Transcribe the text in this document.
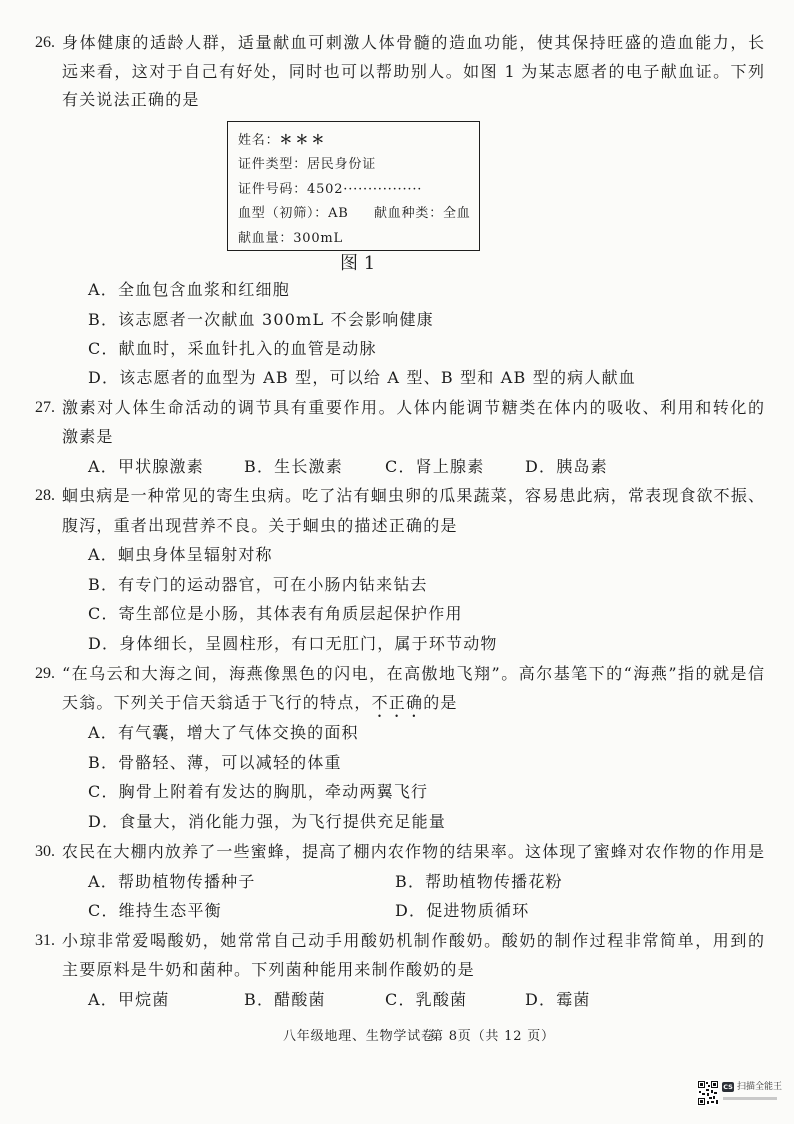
26. 身体健康的适龄人群，适量献血可刺激人体骨髓的造血功能，使其保持旺盛的造血能力，长
远来看，这对于自己有好处，同时也可以帮助别人。如图 1 为某志愿者的电子献血证。下列
有关说法正确的是
姓名：＊＊＊
证件类型：居民身份证
证件号码：4502················
血型（初筛）：AB 献血种类：全血
献血量：300mL
图 1
A．全血包含血浆和红细胞
B．该志愿者一次献血 300mL 不会影响健康
C．献血时，采血针扎入的血管是动脉
D．该志愿者的血型为 AB 型，可以给 A 型、B 型和 AB 型的病人献血
27. 激素对人体生命活动的调节具有重要作用。人体内能调节糖类在体内的吸收、利用和转化的
激素是
A．甲状腺激素	B．生长激素	C．肾上腺素	D．胰岛素
28. 蛔虫病是一种常见的寄生虫病。吃了沾有蛔虫卵的瓜果蔬菜，容易患此病，常表现食欲不振、
腹泻，重者出现营养不良。关于蛔虫的描述正确的是
A．蛔虫身体呈辐射对称
B．有专门的运动器官，可在小肠内钻来钻去
C．寄生部位是小肠，其体表有角质层起保护作用
D．身体细长，呈圆柱形，有口无肛门，属于环节动物
29. “在乌云和大海之间，海燕像黑色的闪电，在高傲地飞翔”。高尔基笔下的“海燕”指的就是信
天翁。下列关于信天翁适于飞行的特点，不正确的是
A．有气囊，增大了气体交换的面积
B．骨骼轻、薄，可以减轻的体重
C．胸骨上附着有发达的胸肌，牵动两翼飞行
D．食量大，消化能力强，为飞行提供充足能量
30. 农民在大棚内放养了一些蜜蜂，提高了棚内农作物的结果率。这体现了蜜蜂对农作物的作用是
A．帮助植物传播种子	B．帮助植物传播花粉
C．维持生态平衡	D．促进物质循环
31. 小琼非常爱喝酸奶，她常常自己动手用酸奶机制作酸奶。酸奶的制作过程非常简单，用到的
主要原料是牛奶和菌种。下列菌种能用来制作酸奶的是
A．甲烷菌	B．醋酸菌	C．乳酸菌	D．霉菌
八年级地理、生物学试卷
第 8页（共 12 页）
CS 扫描全能王
